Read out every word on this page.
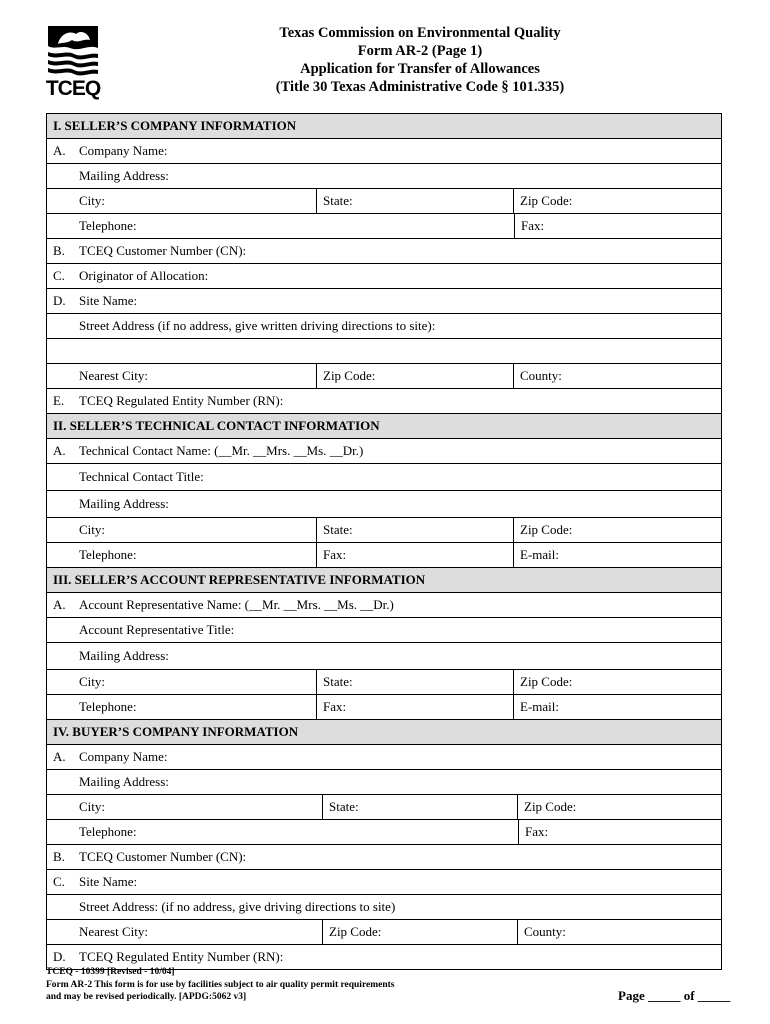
TCEQ
Texas Commission on Environmental Quality
Form AR-2 (Page 1)
Application for Transfer of Allowances
(Title 30 Texas Administrative Code § 101.335)
I. SELLER’S COMPANY INFORMATION
A. Company Name:
Mailing Address:
City:	State:	Zip Code:
Telephone:	Fax:
B. TCEQ Customer Number (CN):
C. Originator of Allocation:
D. Site Name:
Street Address (if no address, give written driving directions to site):
Nearest City:	Zip Code:	County:
E. TCEQ Regulated Entity Number (RN):
II. SELLER’S TECHNICAL CONTACT INFORMATION
A. Technical Contact Name: (__Mr. __Mrs. __Ms. __Dr.)
Technical Contact Title:
Mailing Address:
City:	State:	Zip Code:
Telephone:	Fax:	E-mail:
III. SELLER’S ACCOUNT REPRESENTATIVE INFORMATION
A. Account Representative Name: (__Mr. __Mrs. __Ms. __Dr.)
Account Representative Title:
Mailing Address:
City:	State:	Zip Code:
Telephone:	Fax:	E-mail:
IV. BUYER’S COMPANY INFORMATION
A. Company Name:
Mailing Address:
City:	State:	Zip Code:
Telephone:	Fax:
B. TCEQ Customer Number (CN):
C. Site Name:
Street Address: (if no address, give driving directions to site)
Nearest City:	Zip Code:	County:
D. TCEQ Regulated Entity Number (RN):
TCEQ - 10399 [Revised - 10/04]
Form AR-2 This form is for use by facilities subject to air quality permit requirements
and may be revised periodically. [APDG:5062 v3]	Page _____ of _____
